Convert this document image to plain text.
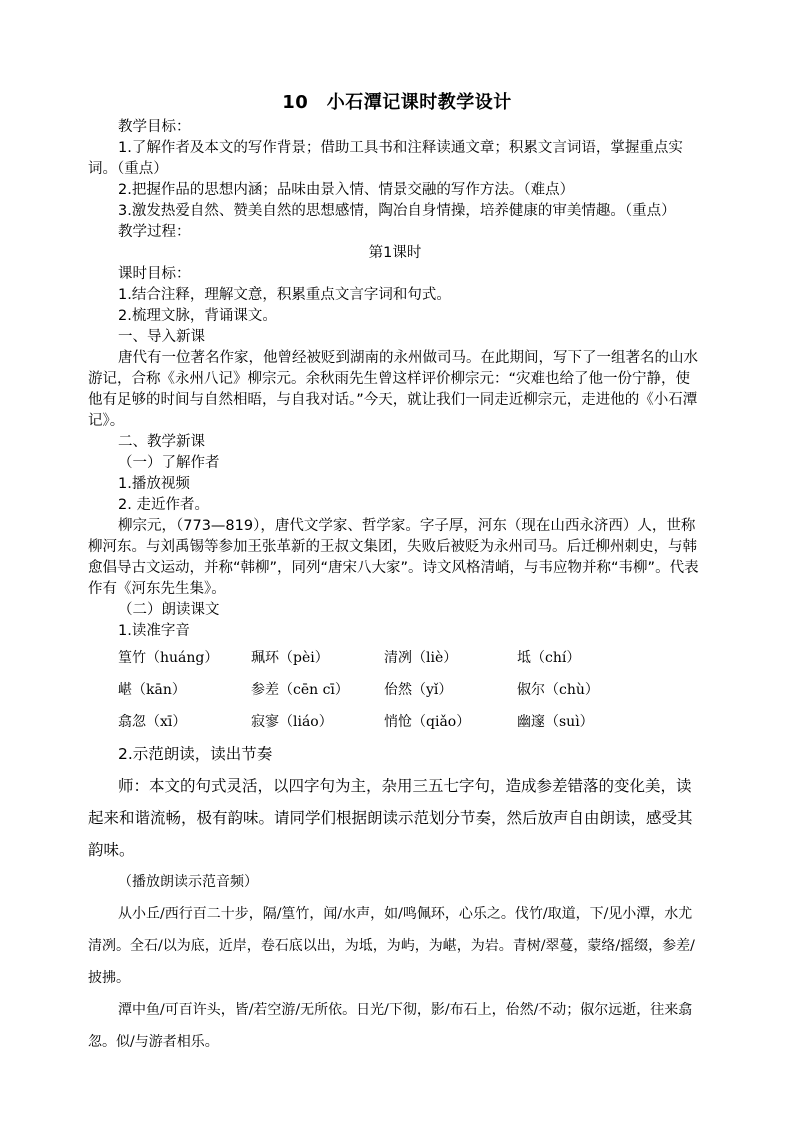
10　小石潭记课时教学设计

教学目标：

1.了解作者及本文的写作背景；借助工具书和注释读通文章；积累文言词语，掌握重点实词。（重点）

2.把握作品的思想内涵；品味由景入情、情景交融的写作方法。（难点）

3.激发热爱自然、赞美自然的思想感情，陶冶自身情操，培养健康的审美情趣。（重点）

教学过程：

第1课时

课时目标：

1.结合注释，理解文意，积累重点文言字词和句式。

2.梳理文脉，背诵课文。

一、导入新课

唐代有一位著名作家，他曾经被贬到湖南的永州做司马。在此期间，写下了一组著名的山水游记，合称《永州八记》柳宗元。余秋雨先生曾这样评价柳宗元：“灾难也给了他一份宁静，使他有足够的时间与自然相晤，与自我对话。”今天，就让我们一同走近柳宗元，走进他的《小石潭记》。

二、教学新课

（一）了解作者

1.播放视频

2. 走近作者。

柳宗元，（773—819），唐代文学家、哲学家。字子厚，河东（现在山西永济西）人，世称柳河东。与刘禹锡等参加王张革新的王叔文集团，失败后被贬为永州司马。后迁柳州刺史，与韩愈倡导古文运动，并称“韩柳”，同列“唐宋八大家”。诗文风格清峭，与韦应物并称“韦柳”。代表作有《河东先生集》。

（二）朗读课文

1.读准字音

篁竹（huáng）	珮环（pèi）	清冽（liè）	坻（chí）
嵁（kān）	参差（cēn cī）	佁然（yǐ）	俶尔（chù）
翕忽（xī）	寂寥（liáo）	悄怆（qiǎo）	幽邃（suì）

2.示范朗读，读出节奏

师：本文的句式灵活，以四字句为主，杂用三五七字句，造成参差错落的变化美，读起来和谐流畅，极有韵味。请同学们根据朗读示范划分节奏，然后放声自由朗读，感受其韵味。

（播放朗读示范音频）

从小丘/西行百二十步，隔/篁竹，闻/水声，如/鸣佩环，心乐之。伐竹/取道，下/见小潭，水尤清冽。全石/以为底，近岸，卷石底以出，为坻，为屿，为嵁，为岩。青树/翠蔓，蒙络/摇缀，参差/披拂。

潭中鱼/可百许头，皆/若空游/无所依。日光/下彻，影/布石上，佁然/不动；俶尔远逝，往来翕忽。似/与游者相乐。
